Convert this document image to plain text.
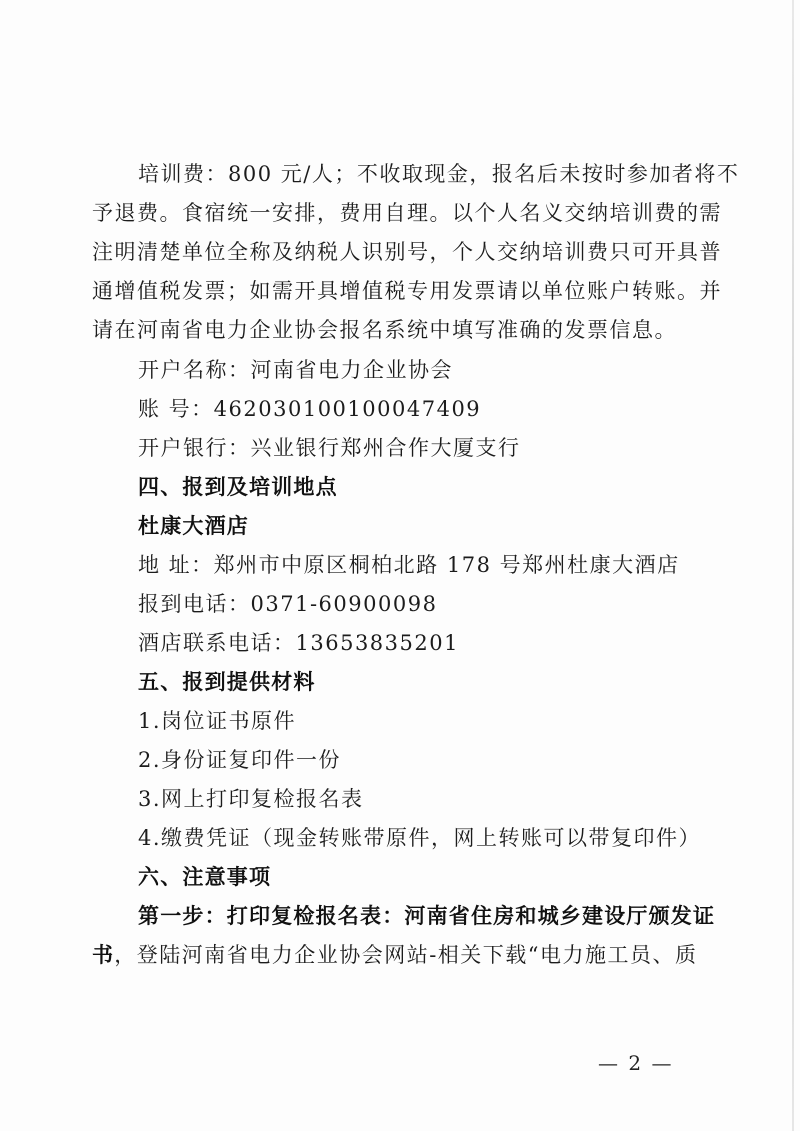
培训费：800 元/人；不收取现金，报名后未按时参加者将不
予退费。食宿统一安排，费用自理。以个人名义交纳培训费的需
注明清楚单位全称及纳税人识别号，个人交纳培训费只可开具普
通增值税发票；如需开具增值税专用发票请以单位账户转账。并
请在河南省电力企业协会报名系统中填写准确的发票信息。
开户名称：河南省电力企业协会
账 号：462030100100047409
开户银行：兴业银行郑州合作大厦支行
四、报到及培训地点
杜康大酒店
地 址：郑州市中原区桐柏北路 178 号郑州杜康大酒店
报到电话：0371-60900098
酒店联系电话：13653835201
五、报到提供材料
1.岗位证书原件
2.身份证复印件一份
3.网上打印复检报名表
4.缴费凭证（现金转账带原件，网上转账可以带复印件）
六、注意事项
第一步：打印复检报名表：河南省住房和城乡建设厅颁发证
书，登陆河南省电力企业协会网站-相关下载“电力施工员、质
— 2 —
